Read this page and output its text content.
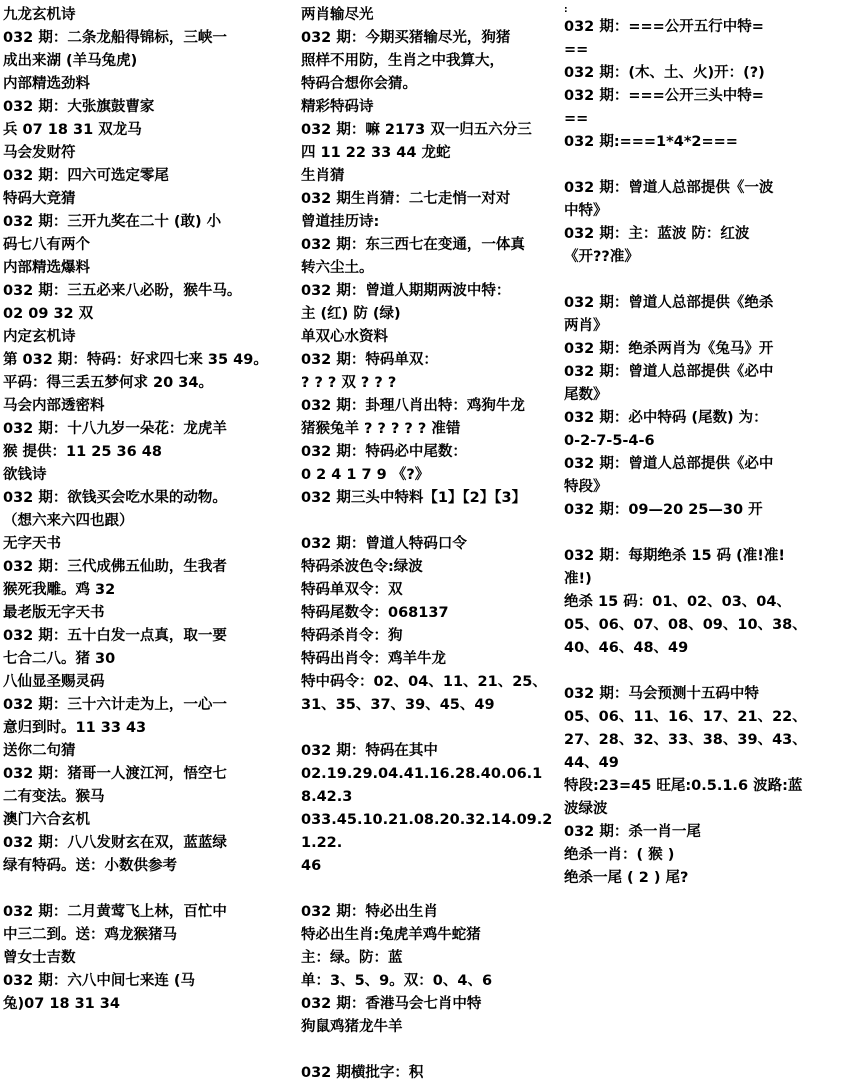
九龙玄机诗
032 期：二条龙船得锦标，三峡一
成出来湖 (羊马兔虎)
内部精选劲料
032 期：大张旗鼓曹家
兵 07 18 31 双龙马
马会发财符
032 期：四六可选定零尾
特码大竞猜
032 期：三开九奖在二十 (敢) 小
码七八有两个
内部精选爆料
032 期：三五必来八必盼，猴牛马。
02 09 32 双
内定玄机诗
第 032 期：特码：好求四七来 35 49。
平码：得三丢五梦何求 20 34。
马会内部透密料
032 期：十八九岁一朵花：龙虎羊
猴 提供：11 25 36 48
欲钱诗
032 期：欲钱买会吃水果的动物。
（想六来六四也跟）
无字天书
032 期：三代成佛五仙助，生我者
猴死我雕。鸡 32
最老版无字天书
032 期：五十白发一点真，取一要
七合二八。猪 30
八仙显圣赐灵码
032 期：三十六计走为上，一心一
意归到时。11 33 43
送你二句猜
032 期：猪哥一人渡江河，悟空七
二有变法。猴马
澳门六合玄机
032 期：八八发财玄在双，蓝蓝绿
绿有特码。送：小数供参考
032 期：二月黄莺飞上林，百忙中
中三二到。送：鸡龙猴猪马
曾女士吉数
032 期：六八中间七来连 (马
兔)07 18 31 34
两肖输尽光
032 期：今期买猪输尽光，狗猪
照样不用防，生肖之中我算大，
特码合想你会猜。
精彩特码诗
032 期：嘛 2173 双一归五六分三
四 11 22 33 44 龙蛇
生肖猜
032 期生肖猜：二七走悄一对对
曾道挂历诗:
032 期：东三西七在变通，一体真
转六尘土。
032 期：曾道人期期两波中特：
主 (红) 防 (绿)
单双心水资料
032 期：特码单双：
? ? ? 双 ? ? ?
032 期：卦理八肖出特：鸡狗牛龙
猪猴兔羊 ? ? ? ? ? 准错
032 期：特码必中尾数：
0 2 4 1 7 9 《?》
032 期三头中特料【1】【2】【3】
032 期：曾道人特码口令
特码杀波色令:绿波
特码单双令：双
特码尾数令：068137
特码杀肖令：狗
特码出肖令：鸡羊牛龙
特中码令：02、04、11、21、25、
31、35、37、39、45、49
032 期：特码在其中
02.19.29.04.41.16.28.40.06.18.42.3
033.45.10.21.08.20.32.14.09.21.22.
46
032 期：特必出生肖
特必出生肖:兔虎羊鸡牛蛇猪
主：绿。防：蓝
单：3、5、9。双：0、4、6
032 期：香港马会七肖中特
狗鼠鸡猪龙牛羊
032 期横批字：积
:
032 期：===公开五行中特=
==
032 期：(木、土、火)开：(?)
032 期：===公开三头中特=
==
032 期:===1*4*2===
032 期：曾道人总部提供《一波
中特》
032 期：主：蓝波 防：红波
《开??准》
032 期：曾道人总部提供《绝杀
两肖》
032 期：绝杀两肖为《兔马》开
032 期：曾道人总部提供《必中
尾数》
032 期：必中特码 (尾数) 为：
0-2-7-5-4-6
032 期：曾道人总部提供《必中
特段》
032 期：09—20 25—30 开
032 期：每期绝杀 15 码 (准!准!
准!)
绝杀 15 码：01、02、03、04、
05、06、07、08、09、10、38、
40、46、48、49
032 期：马会预测十五码中特
05、06、11、16、17、21、22、
27、28、32、33、38、39、43、
44、49
特段:23=45 旺尾:0.5.1.6 波路:蓝
波绿波
032 期：杀一肖一尾
绝杀一肖：( 猴 )
绝杀一尾 ( 2 ) 尾?
